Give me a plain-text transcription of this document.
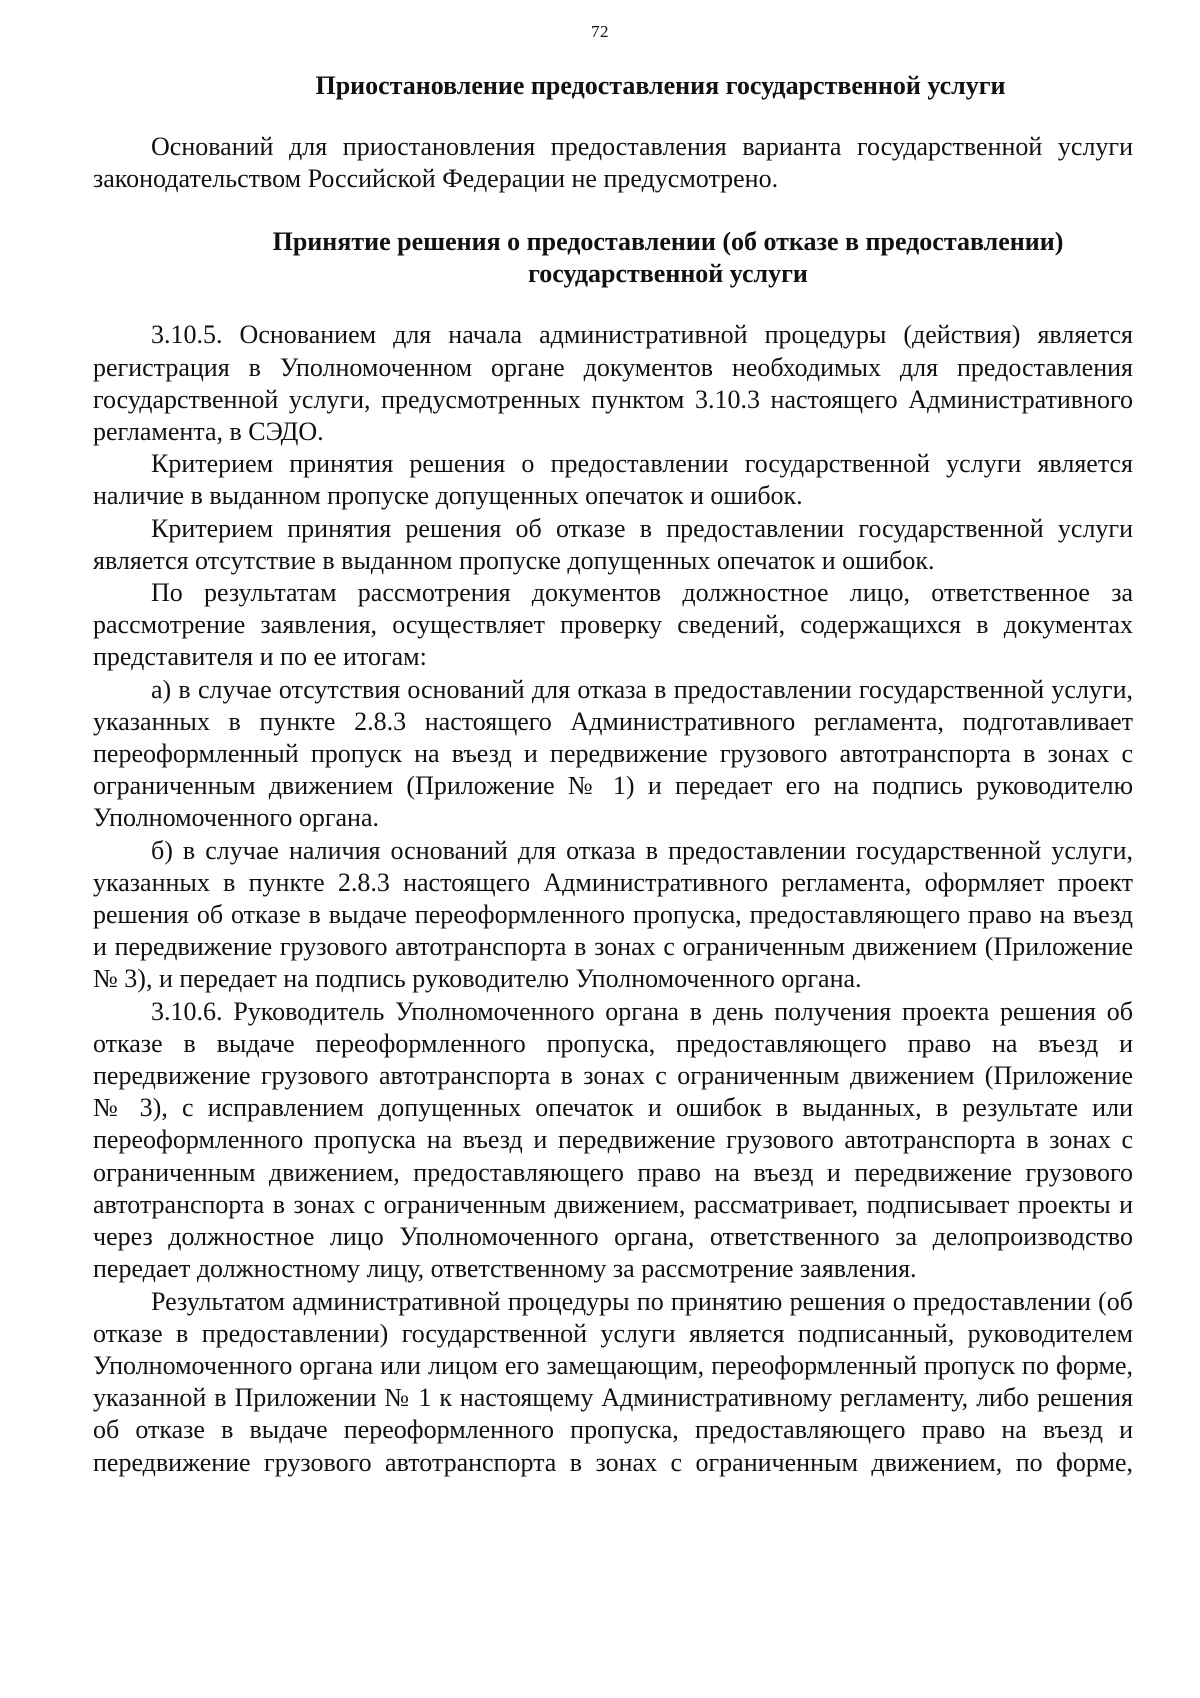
72
Приостановление предоставления государственной услуги

Оснований для приостановления предоставления варианта государственной услуги законодательством Российской Федерации не предусмотрено.

Принятие решения о предоставлении (об отказе в предоставлении)
государственной услуги

3.10.5. Основанием для начала административной процедуры (действия) является регистрация в Уполномоченном органе документов необходимых для предоставления государственной услуги, предусмотренных пунктом 3.10.3 настоящего Административного регламента, в СЭДО.

Критерием принятия решения о предоставлении государственной услуги является наличие в выданном пропуске допущенных опечаток и ошибок.

Критерием принятия решения об отказе в предоставлении государственной услуги является отсутствие в выданном пропуске допущенных опечаток и ошибок.

По результатам рассмотрения документов должностное лицо, ответственное за рассмотрение заявления, осуществляет проверку сведений, содержащихся в документах представителя и по ее итогам:

а) в случае отсутствия оснований для отказа в предоставлении государственной услуги, указанных в пункте 2.8.3 настоящего Административного регламента, подготавливает переоформленный пропуск на въезд и передвижение грузового автотранспорта в зонах с ограниченным движением (Приложение № 1) и передает его на подпись руководителю Уполномоченного органа.

б) в случае наличия оснований для отказа в предоставлении государственной услуги, указанных в пункте 2.8.3 настоящего Административного регламента, оформляет проект решения об отказе в выдаче переоформленного пропуска, предоставляющего право на въезд и передвижение грузового автотранспорта в зонах с ограниченным движением (Приложение № 3), и передает на подпись руководителю Уполномоченного органа.

3.10.6. Руководитель Уполномоченного органа в день получения проекта решения об отказе в выдаче переоформленного пропуска, предоставляющего право на въезд и передвижение грузового автотранспорта в зонах с ограниченным движением (Приложение № 3), с исправлением допущенных опечаток и ошибок в выданных, в результате или переоформленного пропуска на въезд и передвижение грузового автотранспорта в зонах с ограниченным движением, предоставляющего право на въезд и передвижение грузового автотранспорта в зонах с ограниченным движением, рассматривает, подписывает проекты и через должностное лицо Уполномоченного органа, ответственного за делопроизводство передает должностному лицу, ответственному за рассмотрение заявления.

Результатом административной процедуры по принятию решения о предоставлении (об отказе в предоставлении) государственной услуги является подписанный, руководителем Уполномоченного органа или лицом его замещающим, переоформленный пропуск по форме, указанной в Приложении № 1 к настоящему Административному регламенту, либо решения об отказе в выдаче переоформленного пропуска, предоставляющего право на въезд и передвижение грузового автотранспорта в зонах с ограниченным движением, по форме,
